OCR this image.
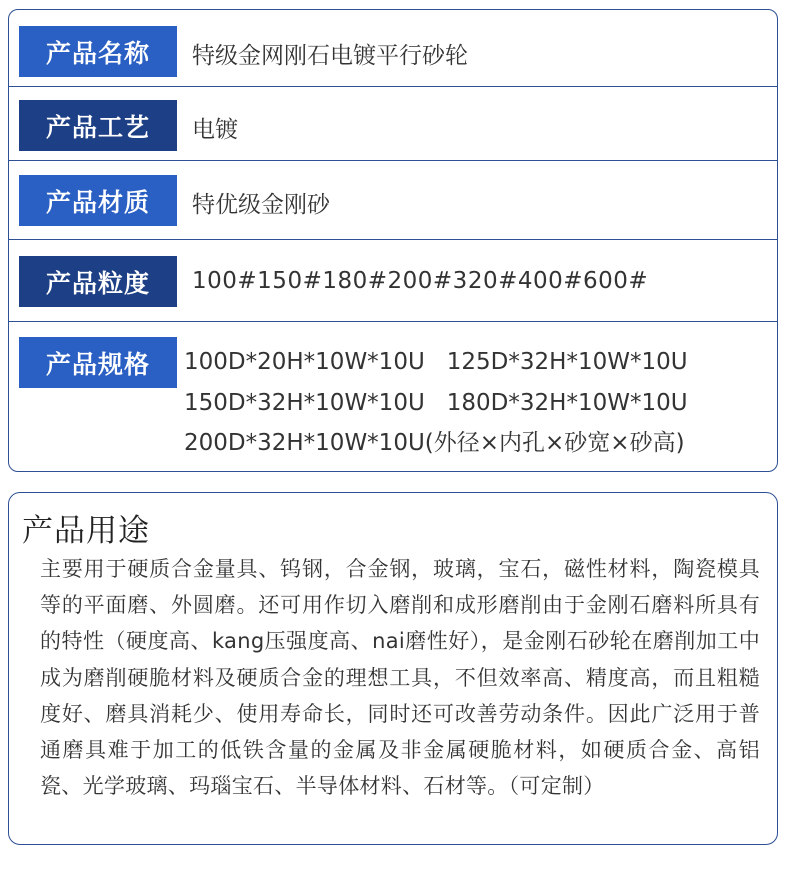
产品名称	特级金网刚石电镀平行砂轮
产品工艺	电镀
产品材质	特优级金刚砂
产品粒度	100#150#180#200#320#400#600#
产品规格	100D*20H*10W*10U 125D*32H*10W*10U
150D*32H*10W*10U 180D*32H*10W*10U
200D*32H*10W*10U(外径×内孔×砂宽×砂高)
产品用途
主要用于硬质合金量具、钨钢，合金钢，玻璃，宝石，磁性材料，陶瓷模具等的平面磨、外圆磨。还可用作切入磨削和成形磨削由于金刚石磨料所具有的特性（硬度高、kang压强度高、nai磨性好），是金刚石砂轮在磨削加工中成为磨削硬脆材料及硬质合金的理想工具，不但效率高、精度高，而且粗糙度好、磨具消耗少、使用寿命长，同时还可改善劳动条件。因此广泛用于普通磨具难于加工的低铁含量的金属及非金属硬脆材料，如硬质合金、高铝瓷、光学玻璃、玛瑙宝石、半导体材料、石材等。（可定制）
